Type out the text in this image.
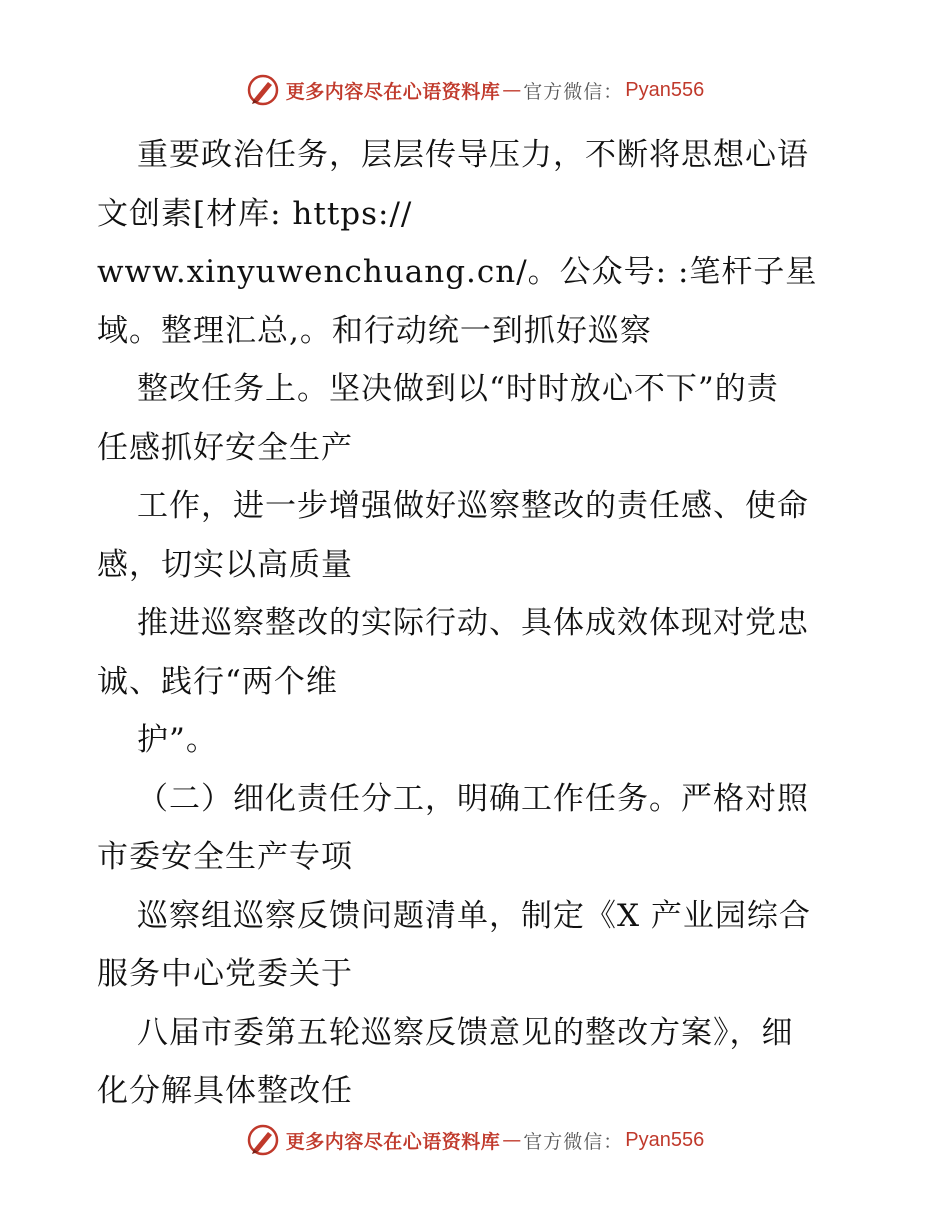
更多内容尽在心语资料库 — 官方微信： Pyan556
重要政治任务，层层传导压力，不断将思想心语
文创素[材库: https://
www.xinyuwenchuang.cn/。公众号: :笔杆子星
域。整理汇总,。和行动统一到抓好巡察
整改任务上。坚决做到以“时时放心不下”的责
任感抓好安全生产
工作，进一步增强做好巡察整改的责任感、使命
感，切实以高质量
推进巡察整改的实际行动、具体成效体现对党忠
诚、践行“两个维
护”。
（二）细化责任分工，明确工作任务。严格对照
市委安全生产专项
巡察组巡察反馈问题清单，制定《X 产业园综合
服务中心党委关于
八届市委第五轮巡察反馈意见的整改方案》，细
化分解具体整改任
更多内容尽在心语资料库 — 官方微信： Pyan556
